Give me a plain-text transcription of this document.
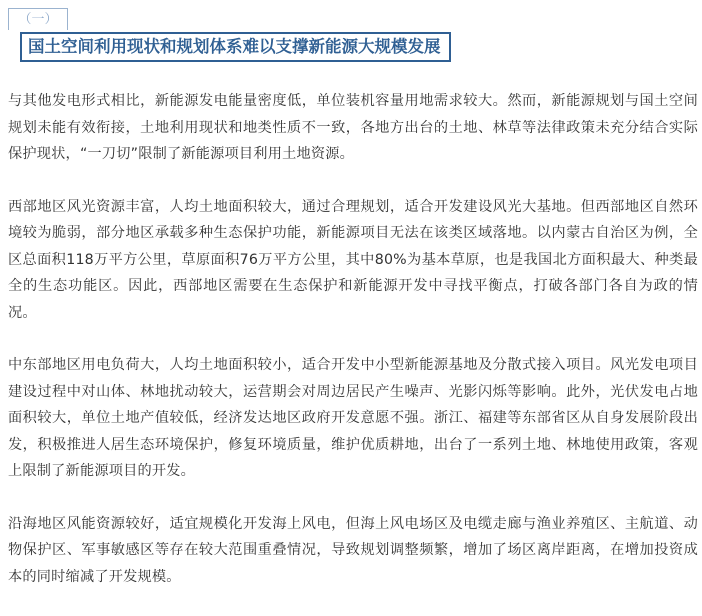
（一）
国土空间利用现状和规划体系难以支撑新能源大规模发展

与其他发电形式相比，新能源发电能量密度低，单位装机容量用地需求较大。然而，新能源规划与国土空间规划未能有效衔接，土地利用现状和地类性质不一致，各地方出台的土地、林草等法律政策未充分结合实际保护现状，“一刀切”限制了新能源项目利用土地资源。

西部地区风光资源丰富，人均土地面积较大，通过合理规划，适合开发建设风光大基地。但西部地区自然环境较为脆弱，部分地区承载多种生态保护功能，新能源项目无法在该类区域落地。以内蒙古自治区为例，全区总面积118万平方公里，草原面积76万平方公里，其中80%为基本草原，也是我国北方面积最大、种类最全的生态功能区。因此，西部地区需要在生态保护和新能源开发中寻找平衡点，打破各部门各自为政的情况。

中东部地区用电负荷大，人均土地面积较小，适合开发中小型新能源基地及分散式接入项目。风光发电项目建设过程中对山体、林地扰动较大，运营期会对周边居民产生噪声、光影闪烁等影响。此外，光伏发电占地面积较大，单位土地产值较低，经济发达地区政府开发意愿不强。浙江、福建等东部省区从自身发展阶段出发，积极推进人居生态环境保护，修复环境质量，维护优质耕地，出台了一系列土地、林地使用政策，客观上限制了新能源项目的开发。

沿海地区风能资源较好，适宜规模化开发海上风电，但海上风电场区及电缆走廊与渔业养殖区、主航道、动物保护区、军事敏感区等存在较大范围重叠情况，导致规划调整频繁，增加了场区离岸距离，在增加投资成本的同时缩减了开发规模。
